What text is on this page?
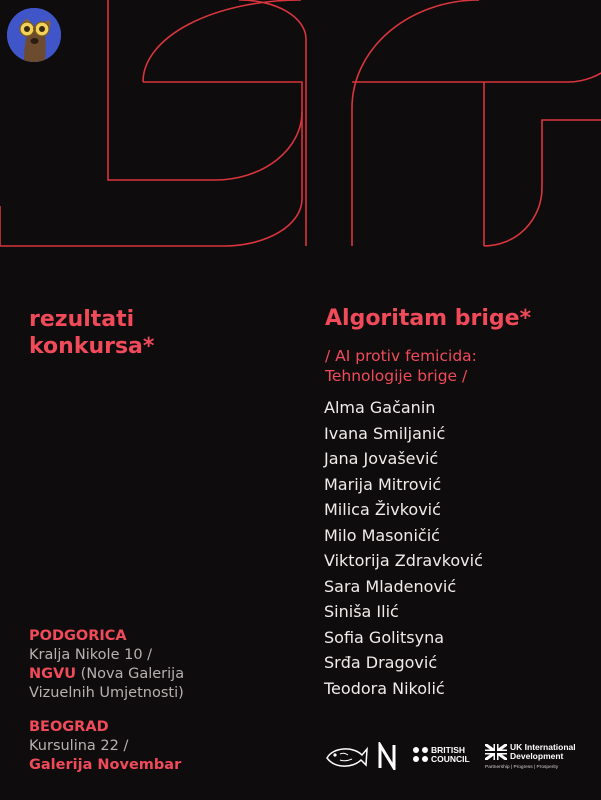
rezultati
konkursa*
Algoritam brige*

/ AI protiv femicida:
Tehnologije brige /

Alma Gačanin
Ivana Smiljanić
Jana Jovašević
Marija Mitrović
Milica Živković
Milo Masoničić
Viktorija Zdravković
Sara Mladenović
Siniša Ilić
Sofia Golitsyna
Srđa Dragović
Teodora Nikolić
PODGORICA
Kralja Nikole 10 /
NGVU (Nova Galerija
Vizuelnih Umjetnosti)
BEOGRAD
Kursulina 22 /
Galerija Novembar
BRITISH
COUNCIL
UK International
Development
Partnership | Progress | Prosperity
